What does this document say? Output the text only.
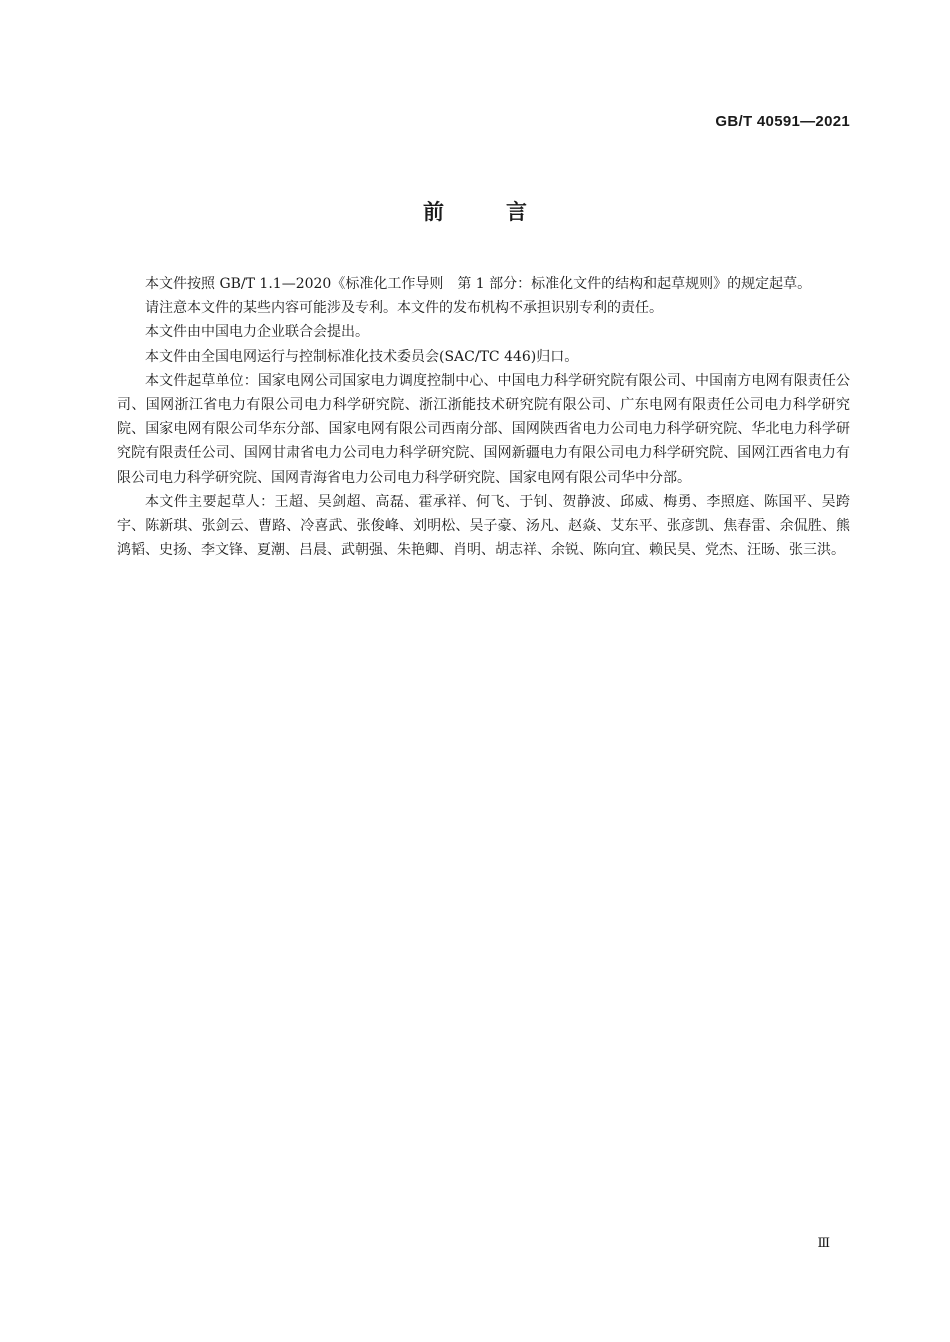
GB/T 40591—2021
前言

本文件按照 GB/T 1.1—2020《标准化工作导则　第 1 部分：标准化文件的结构和起草规则》的规定起草。

请注意本文件的某些内容可能涉及专利。本文件的发布机构不承担识别专利的责任。

本文件由中国电力企业联合会提出。

本文件由全国电网运行与控制标准化技术委员会(SAC/TC 446)归口。

本文件起草单位：国家电网公司国家电力调度控制中心、中国电力科学研究院有限公司、中国南方电网有限责任公司、国网浙江省电力有限公司电力科学研究院、浙江浙能技术研究院有限公司、广东电网有限责任公司电力科学研究院、国家电网有限公司华东分部、国家电网有限公司西南分部、国网陕西省电力公司电力科学研究院、华北电力科学研究院有限责任公司、国网甘肃省电力公司电力科学研究院、国网新疆电力有限公司电力科学研究院、国网江西省电力有限公司电力科学研究院、国网青海省电力公司电力科学研究院、国家电网有限公司华中分部。

本文件主要起草人：王超、吴剑超、高磊、霍承祥、何飞、于钊、贺静波、邱威、梅勇、李照庭、陈国平、吴跨宇、陈新琪、张剑云、曹路、冷喜武、张俊峰、刘明松、吴子豪、汤凡、赵焱、艾东平、张彦凯、焦春雷、余侃胜、熊鸿韬、史扬、李文锋、夏潮、吕晨、武朝强、朱艳卿、肖明、胡志祥、余锐、陈向宜、赖民昊、党杰、汪旸、张三洪。

Ⅲ
